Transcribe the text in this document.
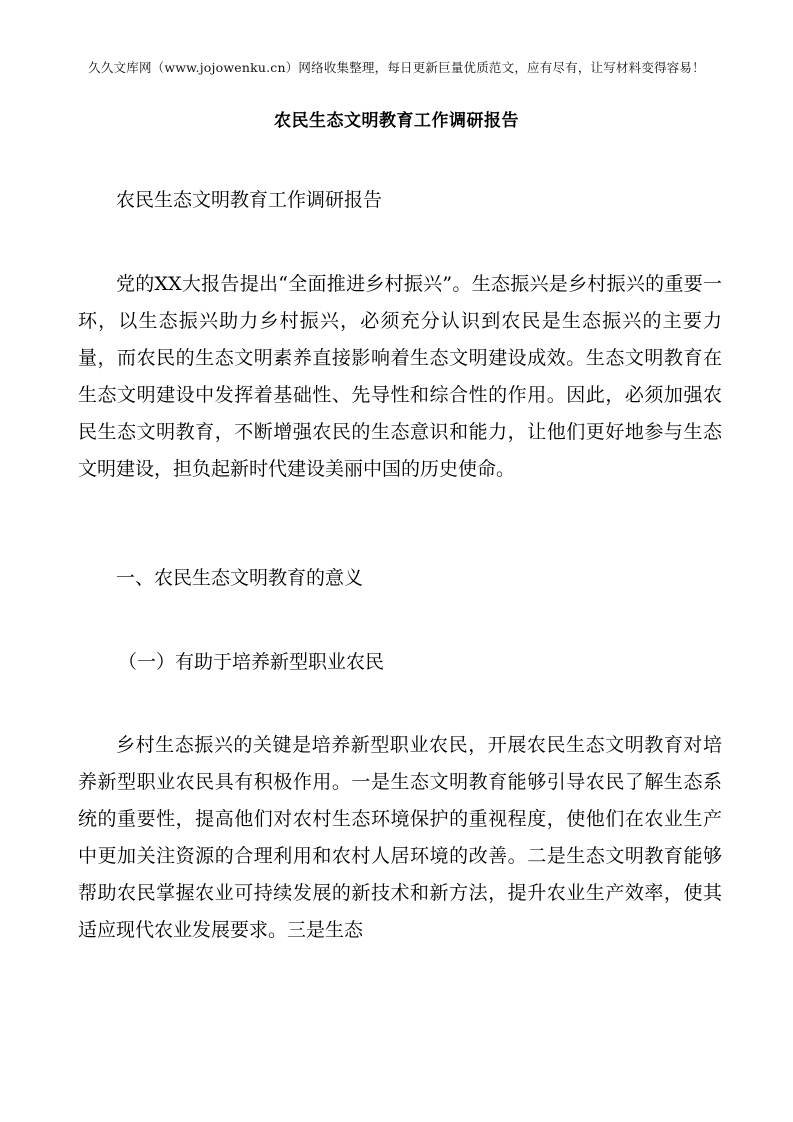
久久文库网（www.jojowenku.cn）网络收集整理，每日更新巨量优质范文，应有尽有，让写材料变得容易！
农民生态文明教育工作调研报告

农民生态文明教育工作调研报告

党的XX大报告提出“全面推进乡村振兴”。生态振兴是乡村振兴的重要一环，以生态振兴助力乡村振兴，必须充分认识到农民是生态振兴的主要力量，而农民的生态文明素养直接影响着生态文明建设成效。生态文明教育在生态文明建设中发挥着基础性、先导性和综合性的作用。因此，必须加强农民生态文明教育，不断增强农民的生态意识和能力，让他们更好地参与生态文明建设，担负起新时代建设美丽中国的历史使命。

一、农民生态文明教育的意义

（一）有助于培养新型职业农民

乡村生态振兴的关键是培养新型职业农民，开展农民生态文明教育对培养新型职业农民具有积极作用。一是生态文明教育能够引导农民了解生态系统的重要性，提高他们对农村生态环境保护的重视程度，使他们在农业生产中更加关注资源的合理利用和农村人居环境的改善。二是生态文明教育能够帮助农民掌握农业可持续发展的新技术和新方法，提升农业生产效率，使其适应现代农业发展要求。三是生态
